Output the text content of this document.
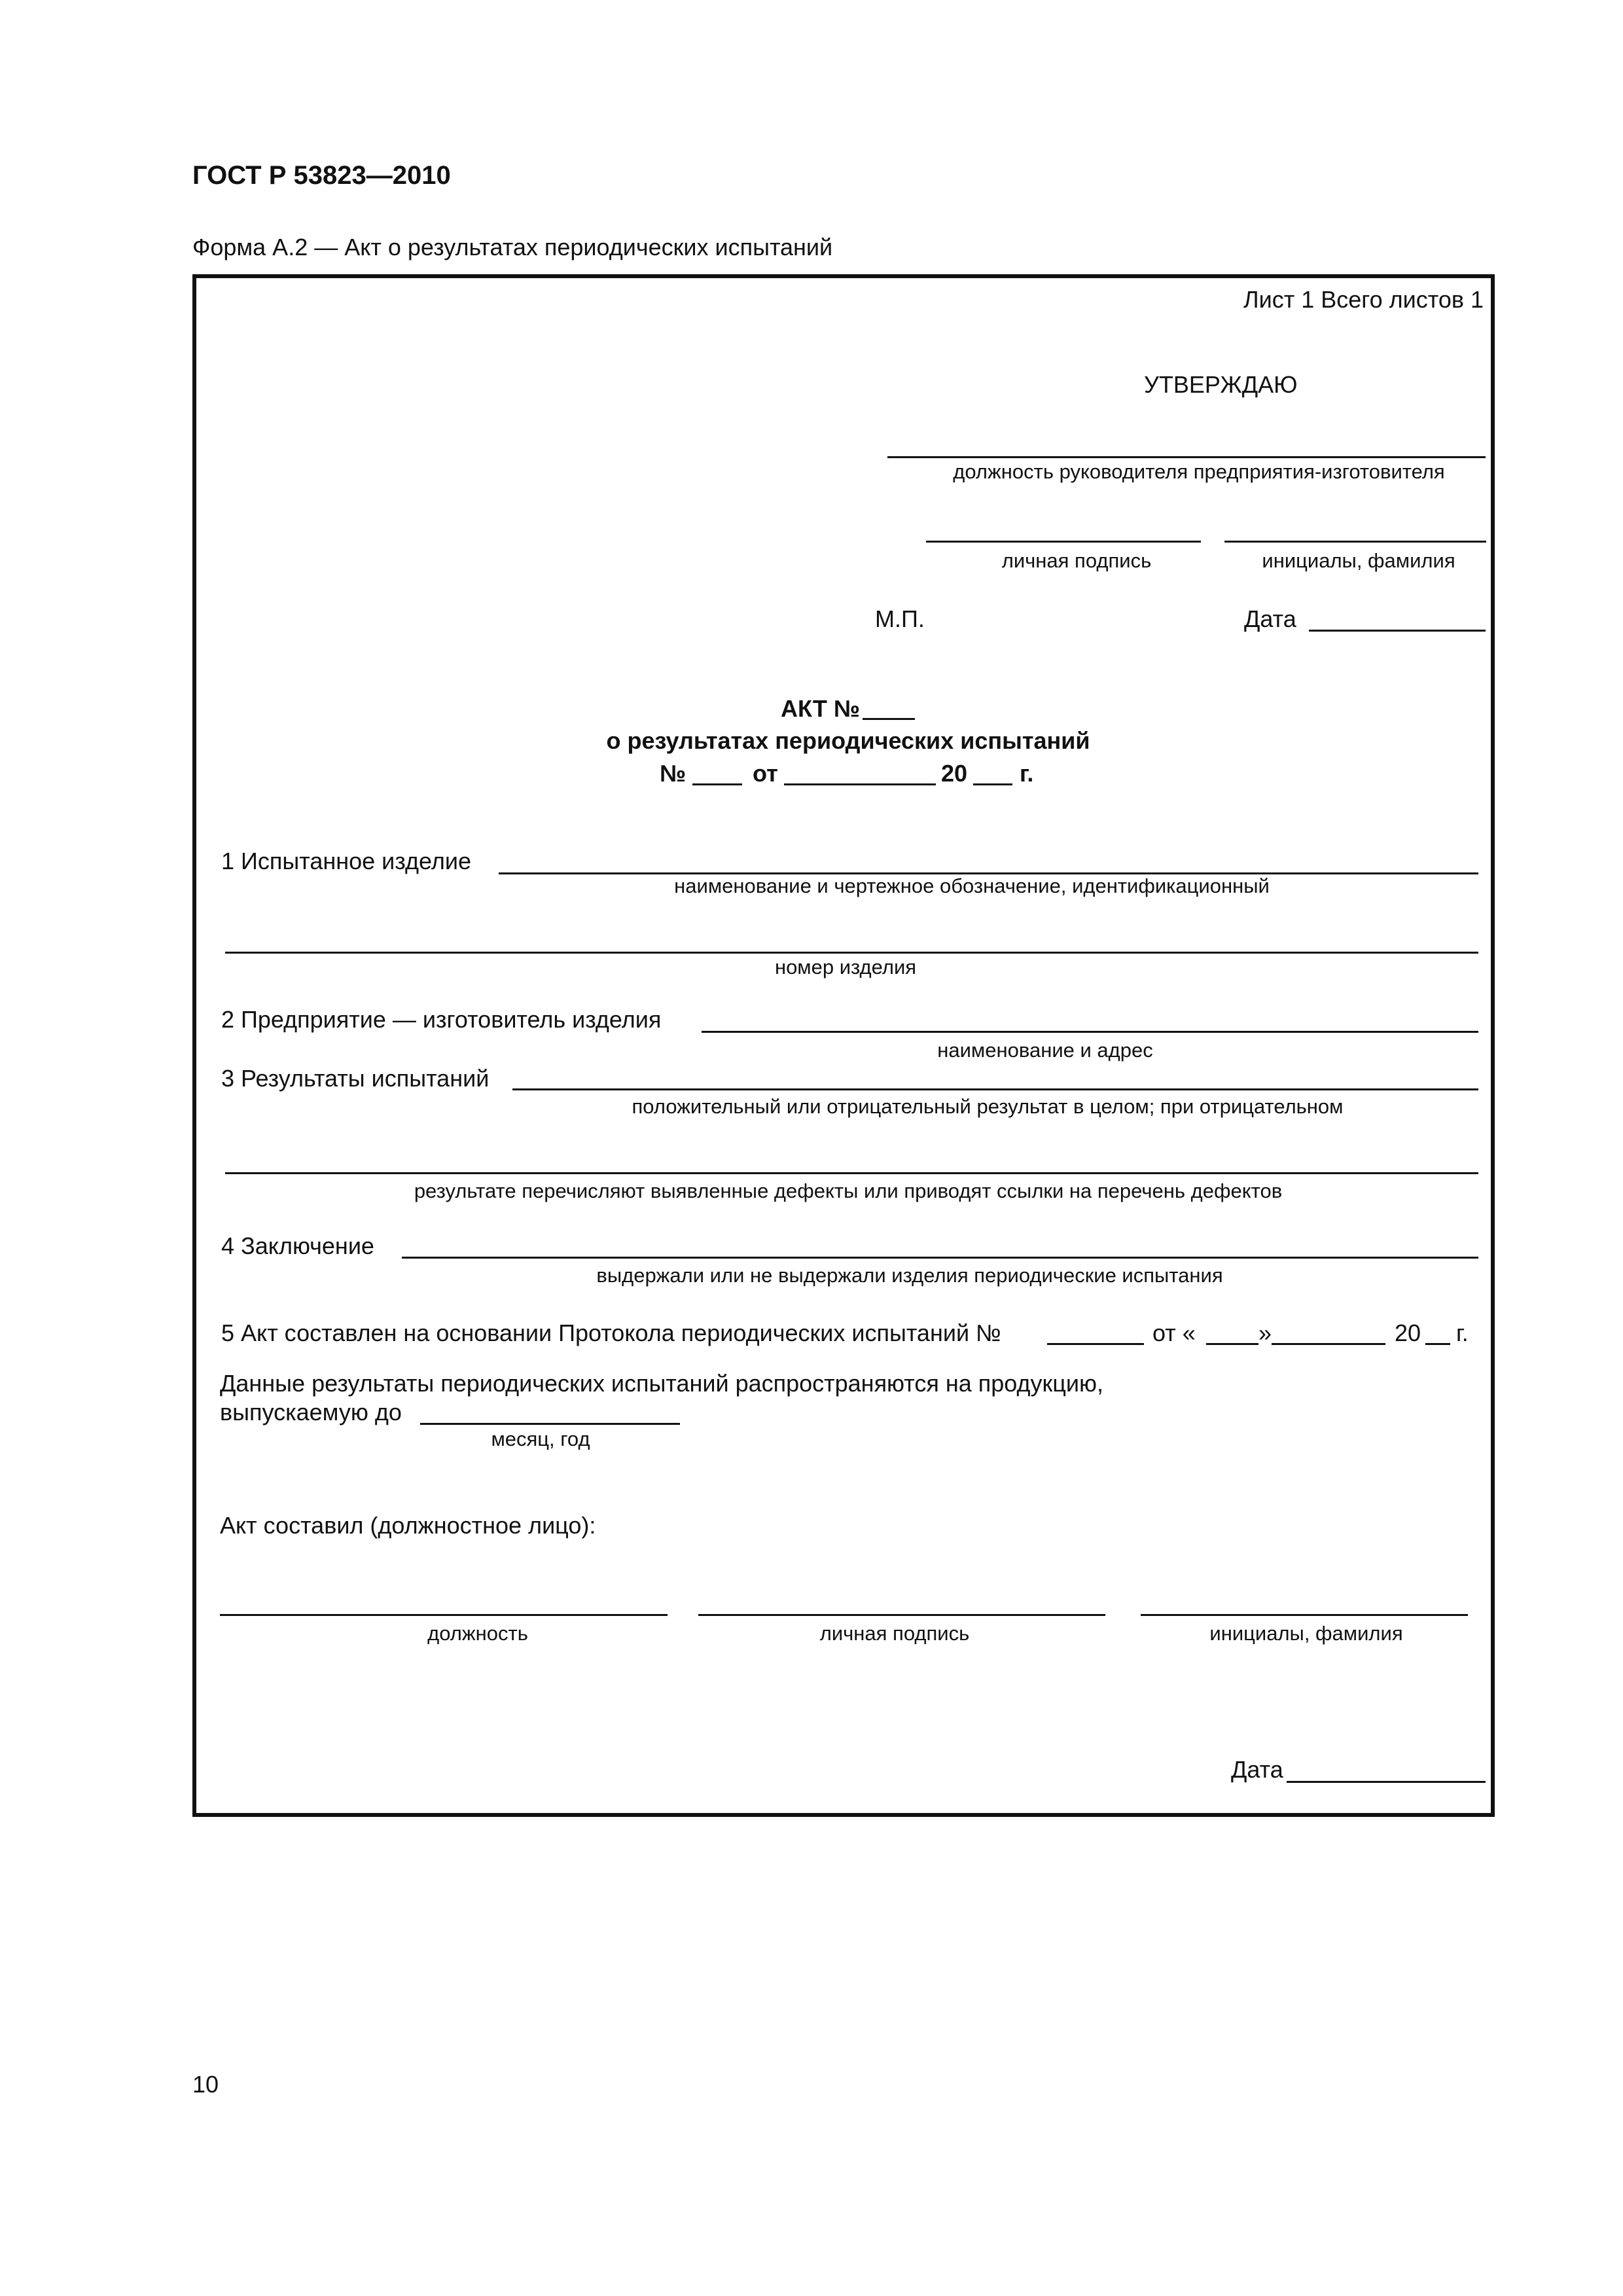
ГОСТ Р 53823—2010
Форма А.2 — Акт о результатах периодических испытаний
Лист 1 Всего листов 1
УТВЕРЖДАЮ
должность руководителя предприятия-изготовителя
личная подпись	инициалы, фамилия
М.П.	Дата
АКТ №
о результатах периодических испытаний
№	от	20 г.
1 Испытанное изделие
наименование и чертежное обозначение, идентификационный
номер изделия
2 Предприятие — изготовитель изделия
наименование и адрес
3 Результаты испытаний
положительный или отрицательный результат в целом; при отрицательном
результате перечисляют выявленные дефекты или приводят ссылки на перечень дефектов
4 Заключение
выдержали или не выдержали изделия периодические испытания
5 Акт составлен на основании Протокола периодических испытаний №	от «	»	20 г.
Данные результаты периодических испытаний распространяются на продукцию,
выпускаемую до
месяц, год
Акт составил (должностное лицо):
должность	личная подпись	инициалы, фамилия
Дата
10
